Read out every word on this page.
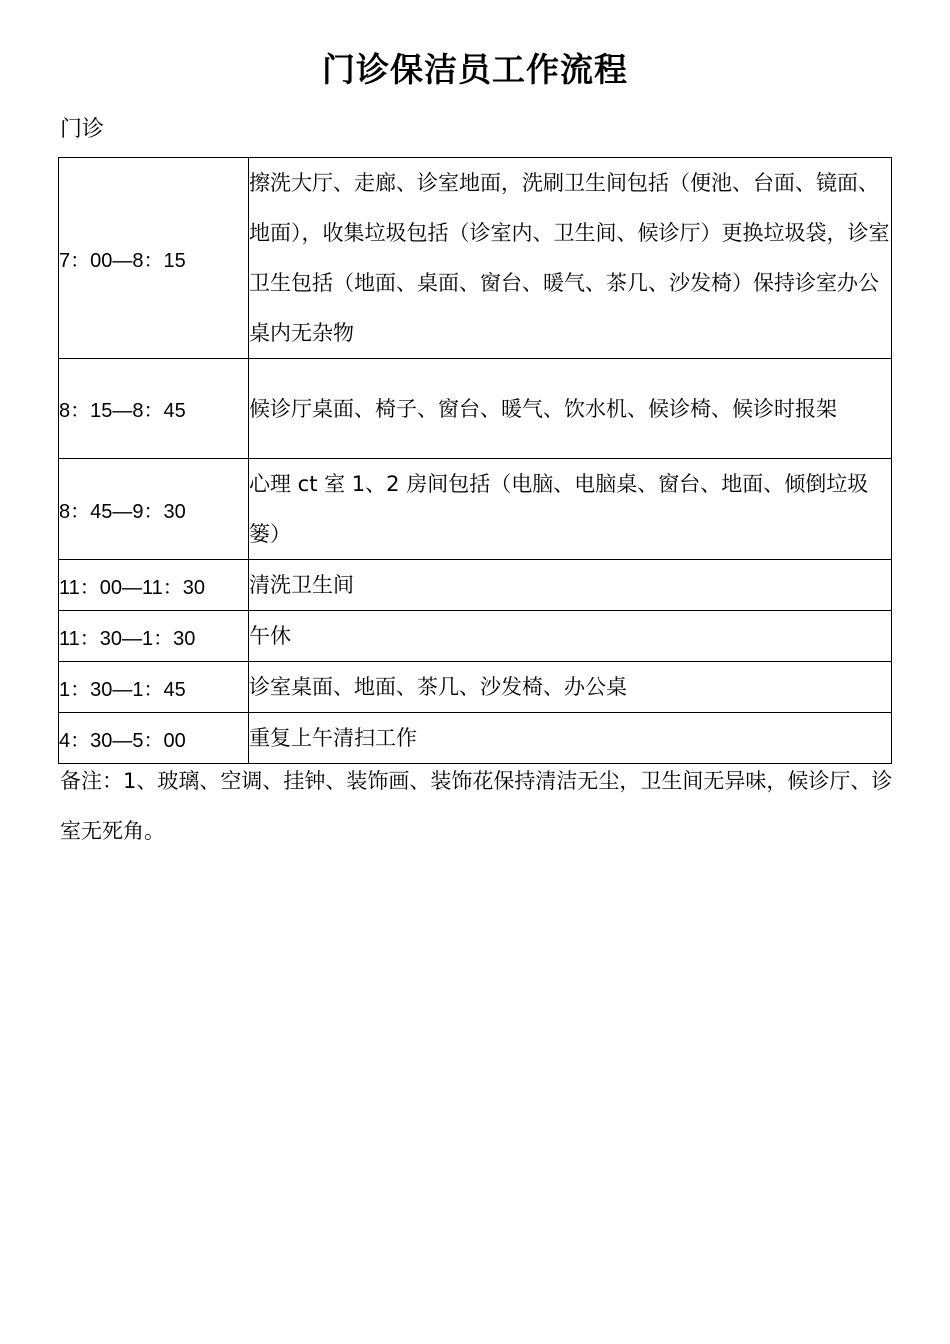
门诊保洁员工作流程
门诊
7：00—8：15	擦洗大厅、走廊、诊室地面，洗刷卫生间包括（便池、台面、镜面、地面），收集垃圾包括（诊室内、卫生间、候诊厅）更换垃圾袋，诊室卫生包括（地面、桌面、窗台、暖气、茶几、沙发椅）保持诊室办公桌内无杂物
8：15—8：45	候诊厅桌面、椅子、窗台、暖气、饮水机、候诊椅、候诊时报架
8：45—9：30	心理 ct 室 1、2 房间包括（电脑、电脑桌、窗台、地面、倾倒垃圾篓）
11：00—11：30	清洗卫生间
11：30—1：30	午休
1：30—1：45	诊室桌面、地面、茶几、沙发椅、办公桌
4：30—5：00	重复上午清扫工作
备注：1、玻璃、空调、挂钟、装饰画、装饰花保持清洁无尘，卫生间无异味，候诊厅、诊室无死角。
